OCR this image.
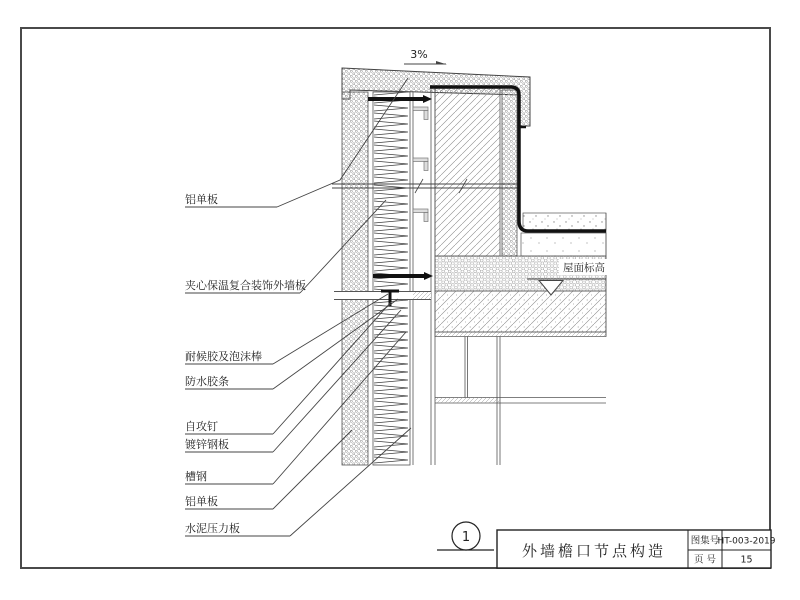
3%
屋面标高
铝单板
夹心保温复合装饰外墙板
耐候胶及泡沫棒
防水胶条
自攻钉
镀锌钢板
槽钢
铝单板
水泥压力板
1
外墙檐口节点构造
图集号
HT-003-2019
页 号	15
